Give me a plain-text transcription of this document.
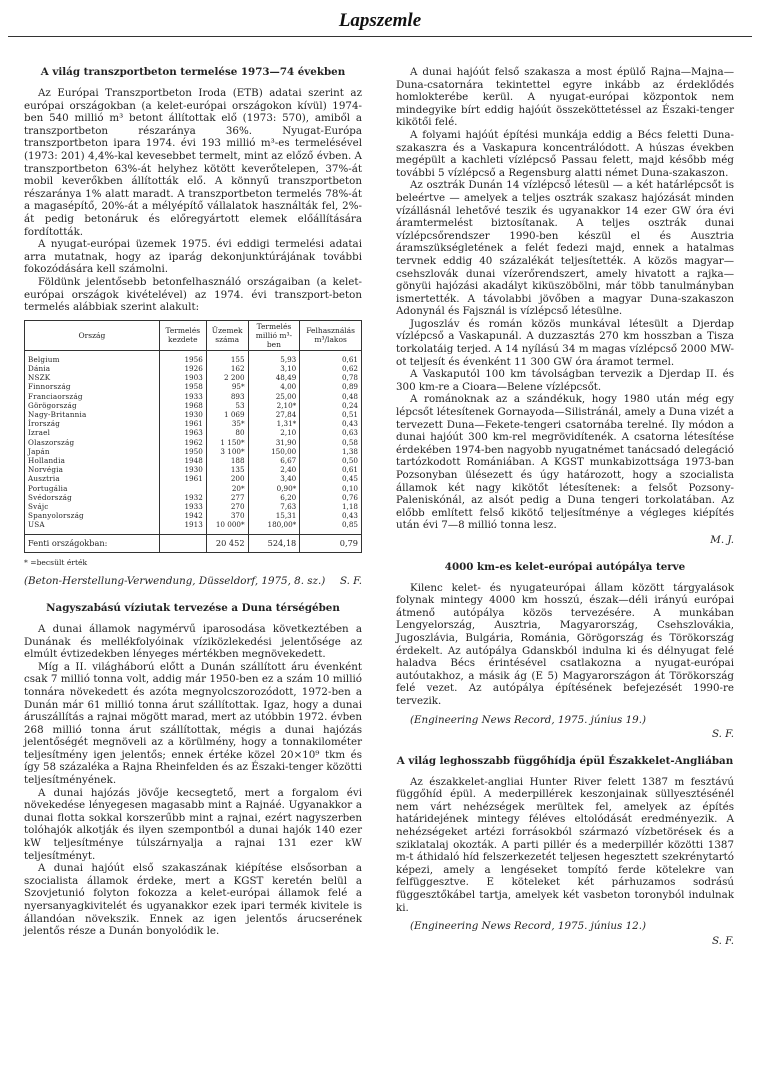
Lapszemle
A világ transzportbeton termelése 1973—74 években

Az Európai Transzportbeton Iroda (ETB) adatai szerint az európai országokban (a kelet-európai országokon kívül) 1974-ben 540 millió m³ betont állítottak elő (1973: 570), amiből a transzportbeton részaránya 36%. Nyugat-Európa transzportbeton ipara 1974. évi 193 millió m³-es termelésével (1973: 201) 4,4%-kal kevesebbet termelt, mint az előző évben. A transzportbeton 63%-át helyhez kötött keverőtelepen, 37%-át mobil keverőkben állították elő. A könnyű transzportbeton részaránya 1% alatt maradt. A transzportbeton termelés 78%-át a magasépítő, 20%-át a mélyépítő vállalatok használták fel, 2%-át pedig betonáruk és előregyártott elemek előállítására fordították.

A nyugat-európai üzemek 1975. évi eddigi termelési adatai arra mutatnak, hogy az iparág dekonjunktúrájának további fokozódására kell számolni.

Földünk jelentősebb betonfelhasználó országaiban (a kelet-európai országok kivételével) az 1974. évi transzport-beton termelés alábbiak szerint alakult:

Ország	Termelés kezdete	Üzemek száma	Termelés millió m³-ben	Felhasználás m³/lakos
Belgium	1956	155	5,93	0,61
Dánia	1926	162	3,10	0,62
NSZK	1903	2 200	48,49	0,78
Finnország	1958	95*	4,00	0,89
Franciaország	1933	893	25,00	0,48
Görögország	1968	53	2,10*	0,24
Nagy-Britannia	1930	1 069	27,84	0,51
Írország	1961	35*	1,31*	0,43
Izrael	1963	80	2,10	0,63
Olaszország	1962	1 150*	31,90	0,58
Japán	1950	3 100*	150,00	1,38
Hollandia	1948	188	6,67	0,50
Norvégia	1930	135	2,40	0,61
Ausztria	1961	200	3,40	0,45
Portugália		20*	0,90*	0,10
Svédország	1932	277	6,20	0,76
Svájc	1933	270	7,63	1,18
Spanyolország	1942	370	15,31	0,43
USA	1913	10 000*	180,00*	0,85
Fenti országokban:		20 452	524,18	0,79

* =becsült érték

(Beton-Herstellung-Verwendung, Düsseldorf, 1975, 8. sz.) S. F.

Nagyszabású víziutak tervezése a Duna térségében

A dunai államok nagymérvű iparosodása következtében a Dunának és mellékfolyóinak víziközlekedési jelentősége az elmúlt évtizedekben lényeges mértékben megnövekedett.

Míg a II. világháború előtt a Dunán szállított áru évenként csak 7 millió tonna volt, addig már 1950-ben ez a szám 10 millió tonnára növekedett és azóta megnyolcszorozódott, 1972-ben a Dunán már 61 millió tonna árut szállítottak. Igaz, hogy a dunai áruszállítás a rajnai mögött marad, mert az utóbbin 1972. évben 268 millió tonna árut szállítottak, mégis a dunai hajózás jelentőségét megnöveli az a körülmény, hogy a tonnakilométer teljesítmény igen jelentős; ennek értéke közel 20×10⁹ tkm és így 58 százaléka a Rajna Rheinfelden és az Északi-tenger közötti teljesítményének.

A dunai hajózás jövője kecsegtető, mert a forgalom évi növekedése lényegesen magasabb mint a Rajnáé. Ugyanakkor a dunai flotta sokkal korszerűbb mint a rajnai, ezért nagyszerben tolóhajók alkotják és ilyen szempontból a dunai hajók 140 ezer kW teljesítménye túlszárnyalja a rajnai 131 ezer kW teljesítményt.

A dunai hajóút első szakaszának kiépítése elsősorban a szocialista államok érdeke, mert a KGST keretén belül a Szovjetunió folyton fokozza a kelet-európai államok felé a nyersanyagkivitelét és ugyanakkor ezek ipari termék kivitele is állandóan növekszik. Ennek az igen jelentős árucserének jelentős része a Dunán bonyolódik le.

A dunai hajóút felső szakasza a most épülő Rajna—Majna—Duna-csatornára tekintettel egyre inkább az érdeklődés homlokterébe kerül. A nyugat-európai központok nem mindegyike bírt eddig hajóút összeköttetéssel az Északi-tenger kikötői felé.

A folyami hajóút építési munkája eddig a Bécs feletti Duna-szakaszra és a Vaskapura koncentrálódott. A húszas években megépült a kachleti vízlépcső Passau felett, majd később még további 5 vízlépcső a Regensburg alatti német Duna-szakaszon.

Az osztrák Dunán 14 vízlépcső létesül — a két határlépcsőt is beleértve — amelyek a teljes osztrák szakasz hajózását minden vízállásnál lehetővé teszik és ugyanakkor 14 ezer GW óra évi áramtermelést biztosítanak. A teljes osztrák dunai vízlépcsőrendszer 1990-ben készül el és Ausztria áramszükségletének a felét fedezi majd, ennek a hatalmas tervnek eddig 40 százalékát teljesítették. A közös magyar—csehszlovák dunai vízerőrendszert, amely hivatott a rajka—gönyüi hajózási akadályt kiküszöbölni, már több tanulmányban ismertették. A távolabbi jövőben a magyar Duna-szakaszon Adonynál és Fajsznál is vízlépcső létesülne.

Jugoszláv és román közös munkával létesült a Djerdap vízlépcső a Vaskapunál. A duzzasztás 270 km hosszban a Tisza torkolatáig terjed. A 14 nyílású 34 m magas vízlépcső 2000 MW-ot teljesít és évenként 11 300 GW óra áramot termel.

A Vaskaputól 100 km távolságban tervezik a Djerdap II. és 300 km-re a Cioara—Belene vízlépcsőt.

A románoknak az a szándékuk, hogy 1980 után még egy lépcsőt létesítenek Gornayoda—Silistránál, amely a Duna vizét a tervezett Duna—Fekete-tengeri csatornába terelné. Ily módon a dunai hajóút 300 km-rel megrövidítenék. A csatorna létesítése érdekében 1974-ben nagyobb nyugatnémet tanácsadó delegáció tartózkodott Romániában. A KGST munkabizottsága 1973-ban Pozsonyban ülésezett és úgy határozott, hogy a szocialista államok két nagy kikötőt létesítenek: a felsőt Pozsony-Paleniskónál, az alsót pedig a Duna tengeri torkolatában. Az előbb említett felső kikötő teljesítménye a végleges kiépítés után évi 7—8 millió tonna lesz.

M. J.
4000 km-es kelet-európai autópálya terve

Kilenc kelet- és nyugateurópai állam között tárgyalások folynak mintegy 4000 km hosszú, észak—déli irányú európai átmenő autópálya közös tervezésére. A munkában Lengyelország, Ausztria, Magyarország, Csehszlovákia, Jugoszlávia, Bulgária, Románia, Görögország és Törökország érdekelt. Az autópálya Gdanskból indulna ki és délnyugat felé haladva Bécs érintésével csatlakozna a nyugat-európai autóutakhoz, a másik ág (E 5) Magyarországon át Törökország felé vezet. Az autópálya építésének befejezését 1990-re tervezik.

(Engineering News Record, 1975. június 19.)

S. F.
A világ leghosszabb függőhídja épül Északkelet-Angliában

Az északkelet-angliai Hunter River felett 1387 m fesztávú függőhíd épül. A mederpillérek keszonjainak süllyesztésénél nem várt nehézségek merültek fel, amelyek az építés határidejének mintegy féléves eltolódását eredményezik. A nehézségeket artézi forrásokból származó vízbetörések és a sziklatalaj okozták. A parti pillér és a mederpillér közötti 1387 m-t áthidaló híd felszerkezetét teljesen hegesztett szekrénytartó képezi, amely a lengéseket tompító ferde kötelekre van felfüggesztve. E köteleket két párhuzamos sodrású függesztőkábel tartja, amelyek két vasbeton toronyból indulnak ki.

(Engineering News Record, 1975. június 12.)

S. F.
